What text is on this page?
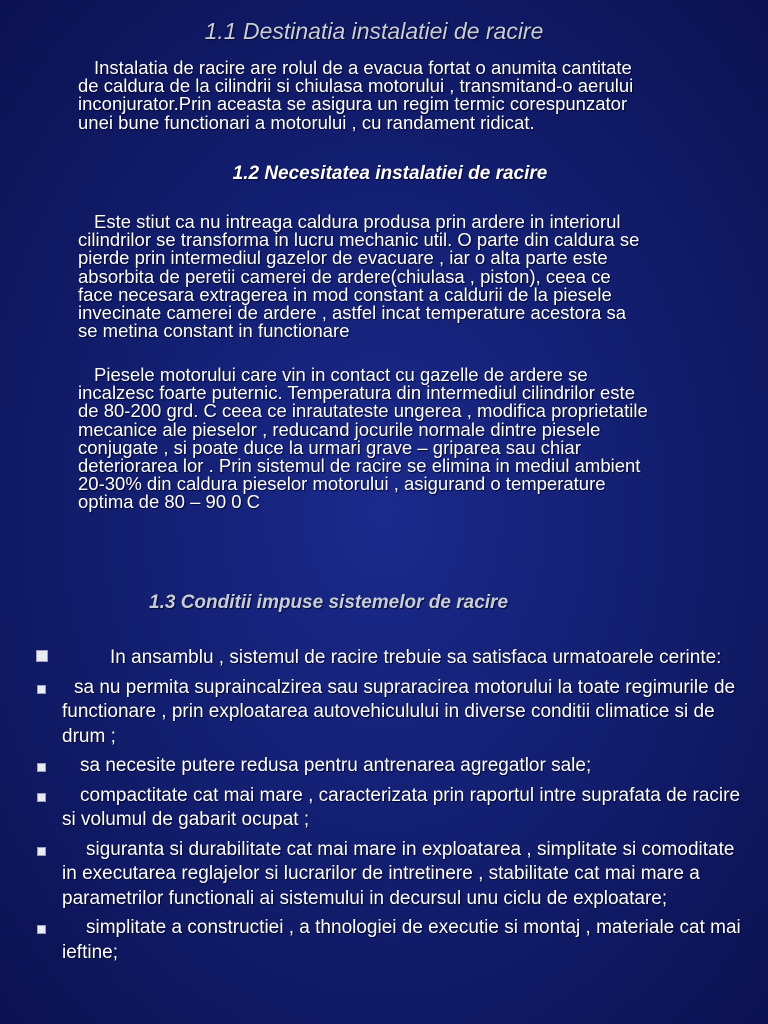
1.1 Destinatia instalatiei de racire
Instalatia de racire are rolul de a evacua fortat o anumita cantitate
de caldura de la cilindrii si chiulasa motorului , transmitand-o aerului
inconjurator.Prin aceasta se asigura un regim termic corespunzator
unei bune functionari a motorului , cu randament ridicat.
1.2 Necesitatea instalatiei de racire
Este stiut ca nu intreaga caldura produsa prin ardere in interiorul
cilindrilor se transforma in lucru mechanic util. O parte din caldura se
pierde prin intermediul gazelor de evacuare , iar o alta parte este
absorbita de peretii camerei de ardere(chiulasa , piston), ceea ce
face necesara extragerea in mod constant a caldurii de la piesele
invecinate camerei de ardere , astfel incat temperature acestora sa
se metina constant in functionare
Piesele motorului care vin in contact cu gazelle de ardere se
incalzesc foarte puternic. Temperatura din intermediul cilindrilor este
de 80-200 grd. C ceea ce inrautateste ungerea , modifica proprietatile
mecanice ale pieselor , reducand jocurile normale dintre piesele
conjugate , si poate duce la urmari grave – griparea sau chiar
deteriorarea lor . Prin sistemul de racire se elimina in mediul ambient
20-30% din caldura pieselor motorului , asigurand o temperature
optima de 80 – 90 0 C
1.3 Conditii impuse sistemelor de racire
In ansamblu , sistemul de racire trebuie sa satisfaca urmatoarele cerinte:
sa nu permita supraincalzirea sau supraracirea motorului la toate regimurile de functionare , prin exploatarea autovehiculului in diverse conditii climatice si de drum ;
sa necesite putere redusa pentru antrenarea agregatlor sale;
compactitate cat mai mare , caracterizata prin raportul intre suprafata de racire si volumul de gabarit ocupat ;
siguranta si durabilitate cat mai mare in exploatarea , simplitate si comoditate in executarea reglajelor si lucrarilor de intretinere , stabilitate cat mai mare a parametrilor functionali ai sistemului in decursul unu ciclu de exploatare;
simplitate a constructiei , a thnologiei de executie si montaj , materiale cat mai ieftine;
